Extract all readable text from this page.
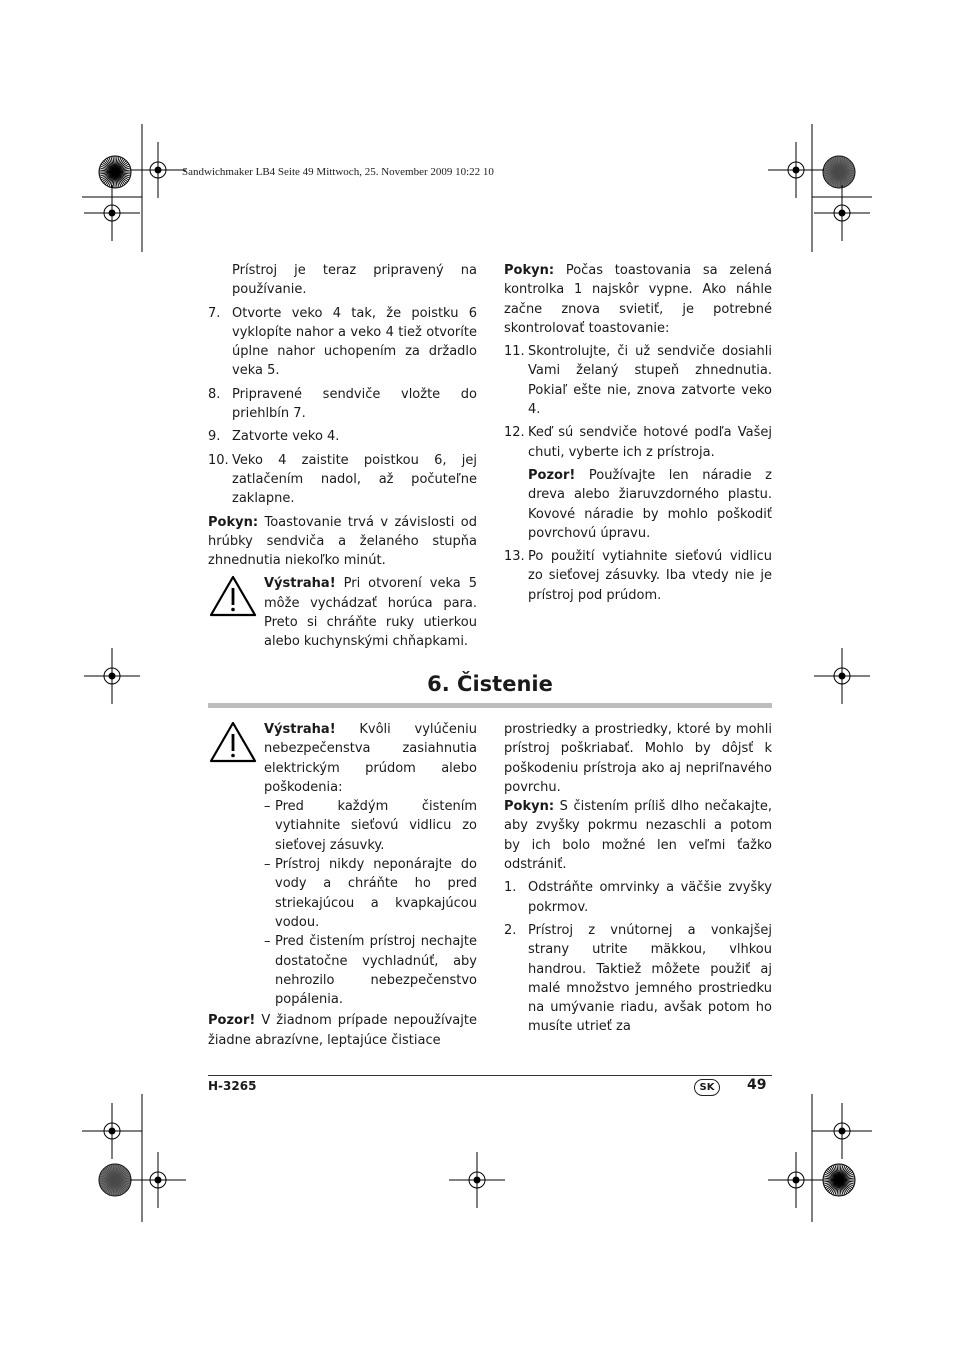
Sandwichmaker LB4 Seite 49 Mittwoch, 25. November 2009 10:22 10

Prístroj je teraz pripravený na používanie.

7. Otvorte veko 4 tak, že poistku 6 vyklopíte nahor a veko 4 tiež otvoríte úplne nahor uchopením za držadlo veka 5.
8. Pripravené sendviče vložte do priehlbín 7.
9. Zatvorte veko 4.
10. Veko 4 zaistite poistkou 6, jej zatlačením nadol, až počuteľne zaklapne.

Pokyn: Toastovanie trvá v závislosti od hrúbky sendviča a želaného stupňa zhnednutia niekoľko minút.

Výstraha! Pri otvorení veka 5 môže vychádzať horúca para. Preto si chráňte ruky utierkou alebo kuchynskými chňapkami.

Pokyn: Počas toastovania sa zelená kontrolka 1 najskôr vypne. Ako náhle začne znova svietiť, je potrebné skontrolovať toastovanie:

11. Skontrolujte, či už sendviče dosiahli Vami želaný stupeň zhnednutia. Pokiaľ ešte nie, znova zatvorte veko 4.
12. Keď sú sendviče hotové podľa Vašej chuti, vyberte ich z prístroja.

Pozor! Používajte len náradie z dreva alebo žiaruvzdorného plastu. Kovové náradie by mohlo poškodiť povrchovú úpravu.

13. Po použití vytiahnite sieťovú vidlicu zo sieťovej zásuvky. Iba vtedy nie je prístroj pod prúdom.
6. Čistenie
Výstraha! Kvôli vylúčeniu nebezpečenstva zasiahnutia elektrickým prúdom alebo poškodenia:
– Pred každým čistením vytiahnite sieťovú vidlicu zo sieťovej zásuvky.
– Prístroj nikdy neponárajte do vody a chráňte ho pred striekajúcou a kvapkajúcou vodou.
– Pred čistením prístroj nechajte dostatočne vychladnúť, aby nehrozilo nebezpečenstvo popálenia.

Pozor! V žiadnom prípade nepoužívajte žiadne abrazívne, leptajúce čistiace

prostriedky a prostriedky, ktoré by mohli prístroj poškriabať. Mohlo by dôjsť k poškodeniu prístroja ako aj nepriľnavého povrchu.

Pokyn: S čistením príliš dlho nečakajte, aby zvyšky pokrmu nezaschli a potom by ich bolo možné len veľmi ťažko odstrániť.

1. Odstráňte omrvinky a väčšie zvyšky pokrmov.
2. Prístroj z vnútornej a vonkajšej strany utrite mäkkou, vlhkou handrou. Taktiež môžete použiť aj malé množstvo jemného prostriedku na umývanie riadu, avšak potom ho musíte utrieť za
H-3265	SK	49
